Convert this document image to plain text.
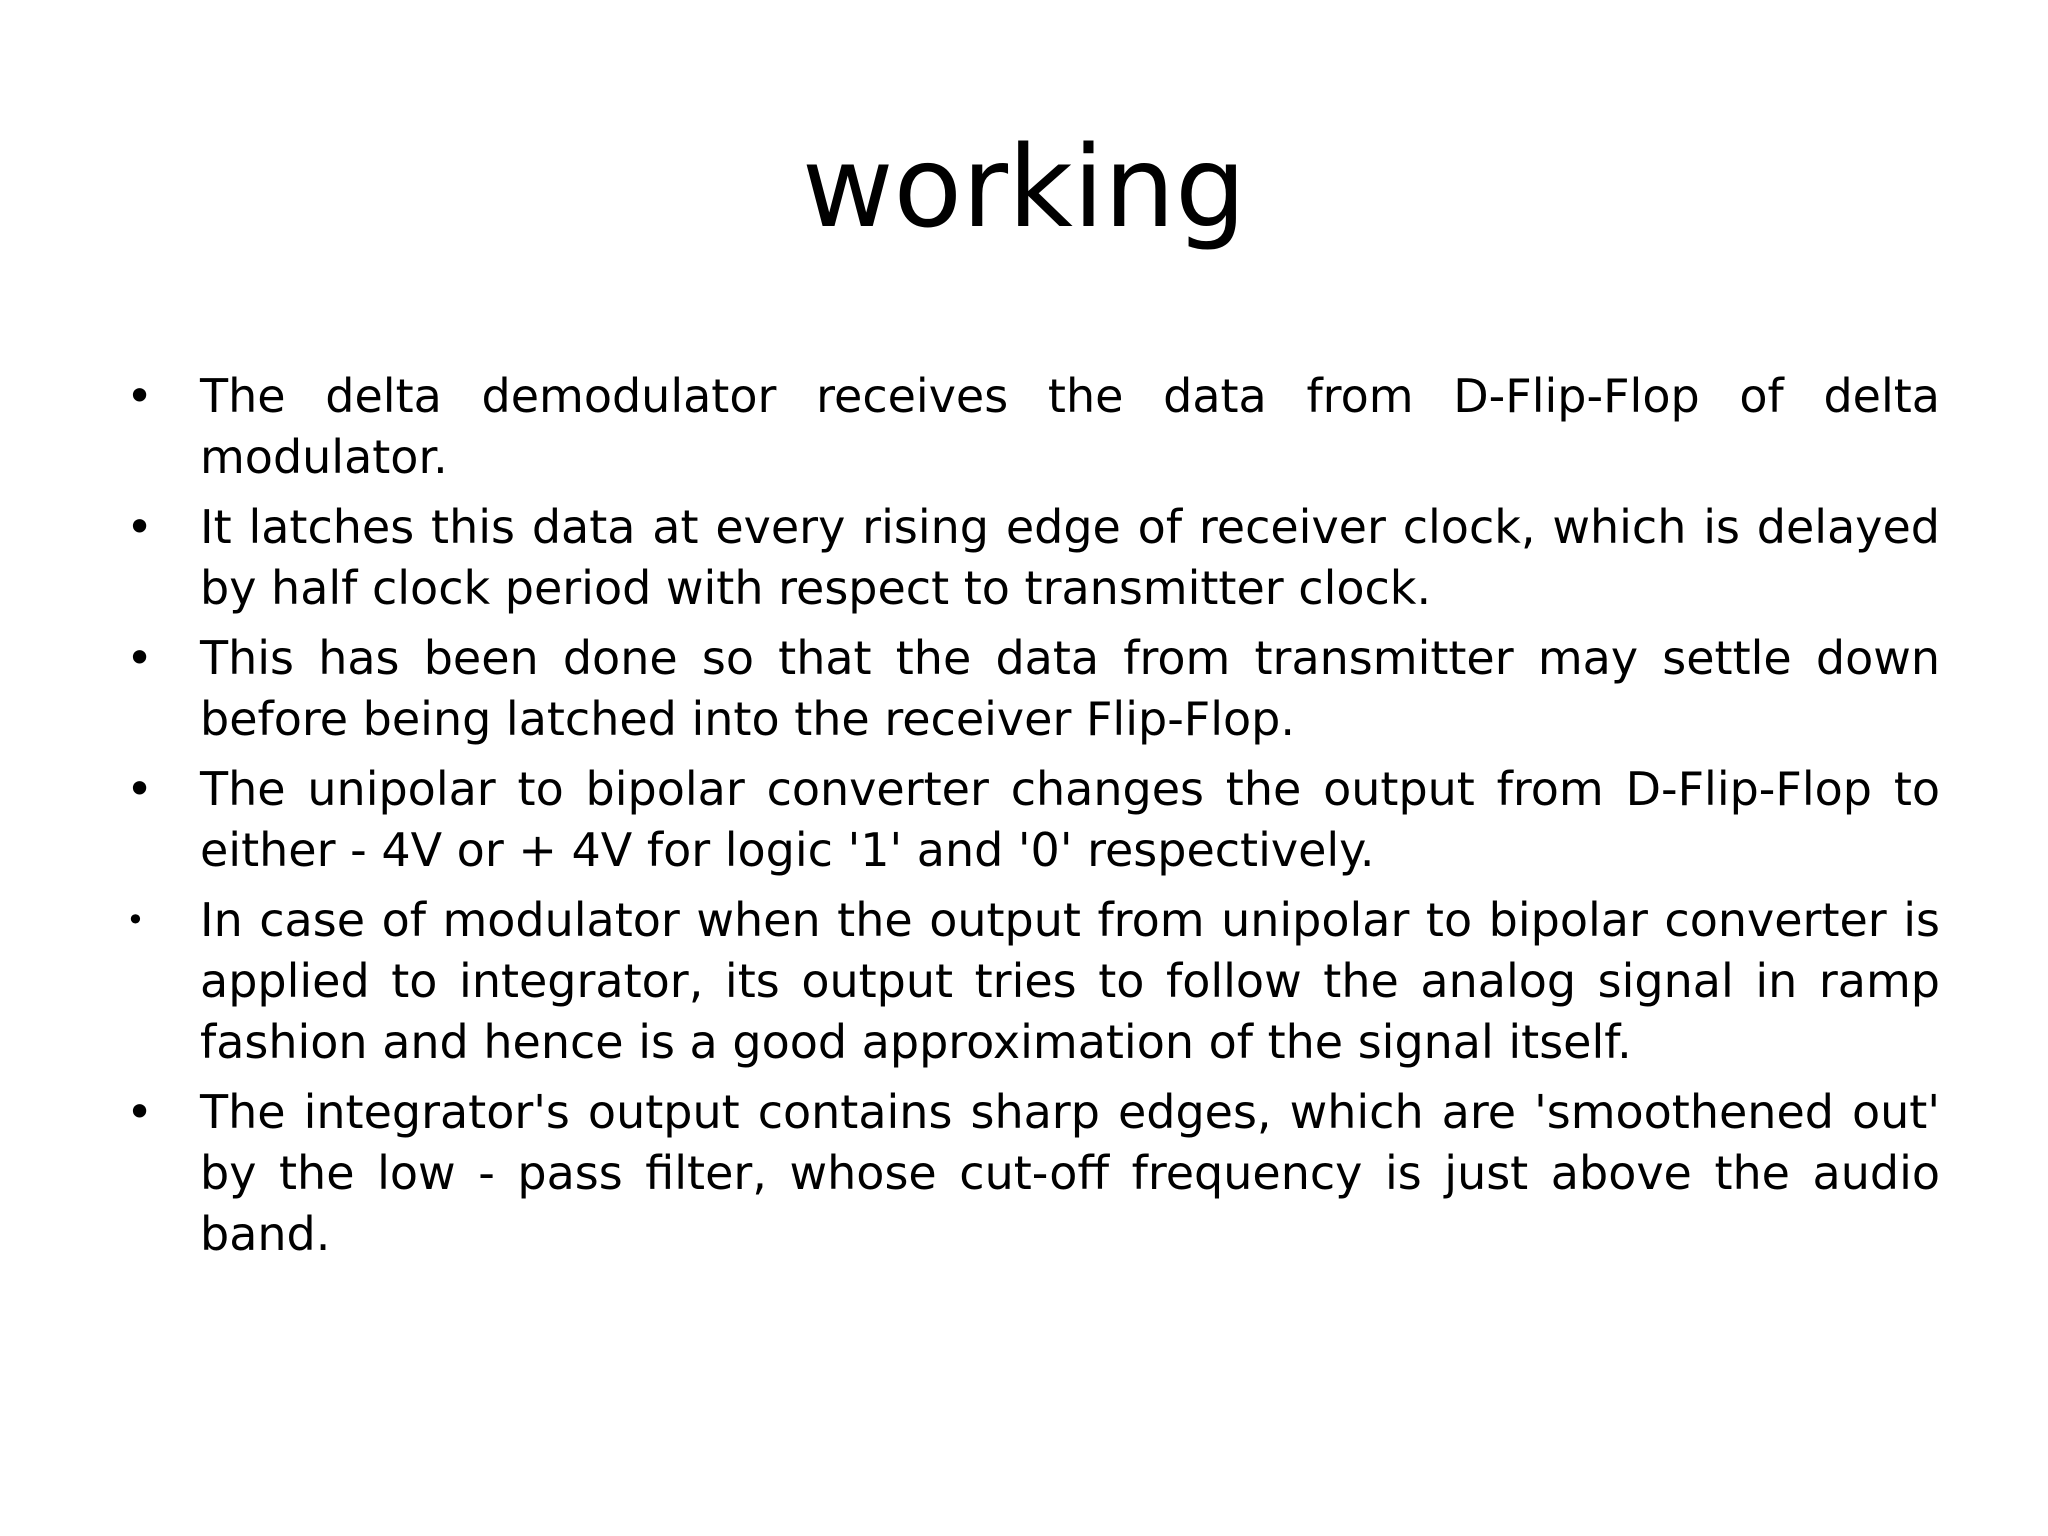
working
• The delta demodulator receives the data from D-Flip-Flop of delta modulator.
• It latches this data at every rising edge of receiver clock, which is delayed by half clock period with respect to transmitter clock.
• This has been done so that the data from transmitter may settle down before being latched into the receiver Flip-Flop.
• The unipolar to bipolar converter changes the output from D-Flip-Flop to either - 4V or + 4V for logic '1' and '0' respectively.
•	In case of modulator when the output from unipolar to bipolar converter is applied to integrator, its output tries to follow the analog signal in ramp fashion and hence is a good approximation of the signal itself.
• The integrator's output contains sharp edges, which are 'smoothened out' by the low - pass filter, whose cut-off frequency is just above the audio band.
